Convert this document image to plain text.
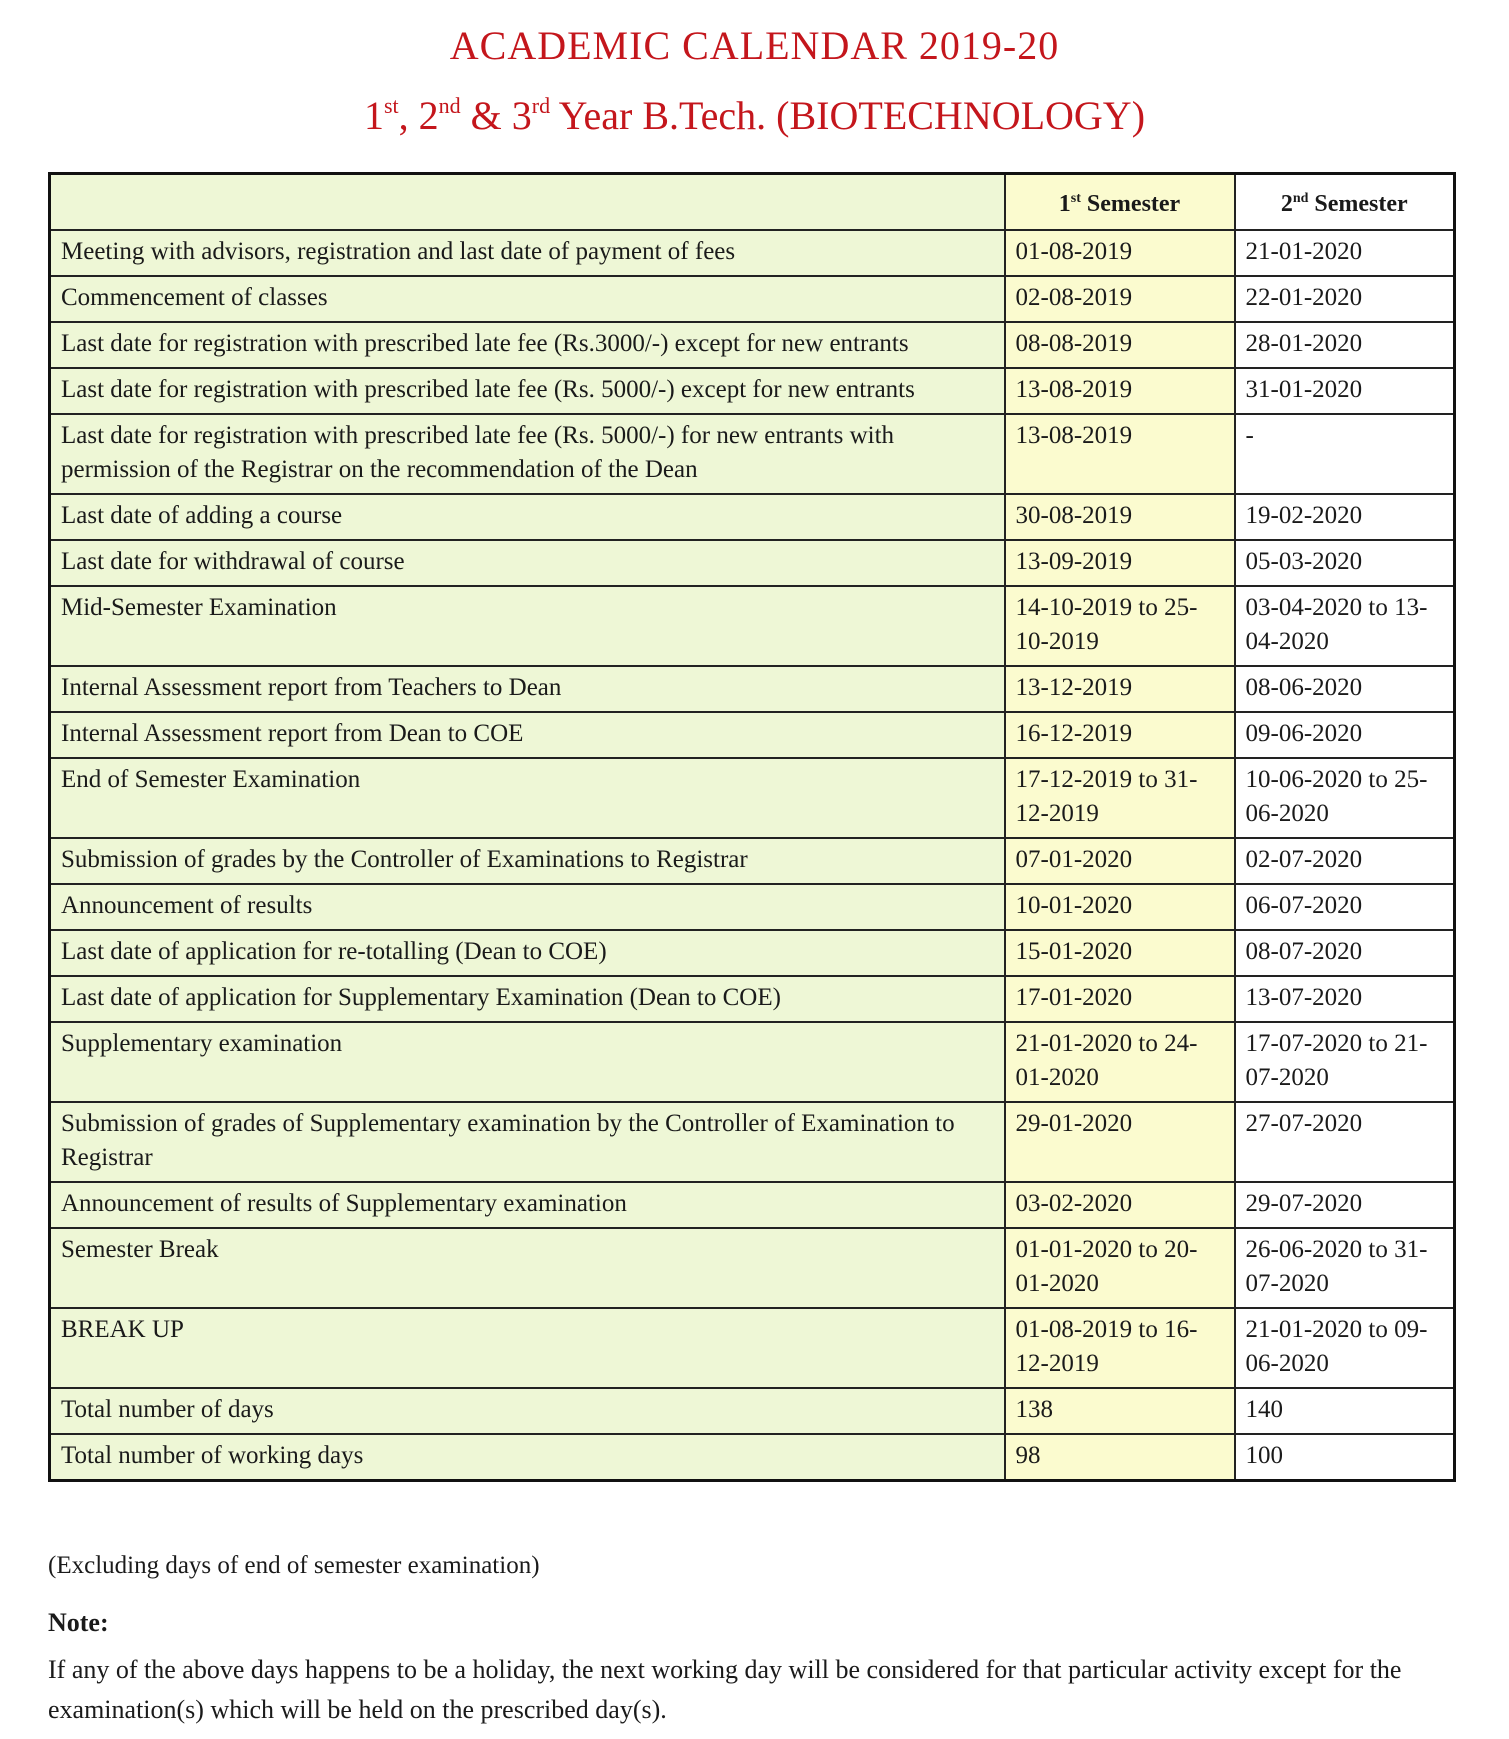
ACADEMIC CALENDAR 2019-20
1st, 2nd & 3rd Year B.Tech. (BIOTECHNOLOGY)
	1st Semester	2nd Semester
Meeting with advisors, registration and last date of payment of fees	01-08-2019	21-01-2020
Commencement of classes	02-08-2019	22-01-2020
Last date for registration with prescribed late fee (Rs.3000/-) except for new entrants	08-08-2019	28-01-2020
Last date for registration with prescribed late fee (Rs. 5000/-) except for new entrants	13-08-2019	31-01-2020
Last date for registration with prescribed late fee (Rs. 5000/-) for new entrants with permission of the Registrar on the recommendation of the Dean	13-08-2019	-
Last date of adding a course	30-08-2019	19-02-2020
Last date for withdrawal of course	13-09-2019	05-03-2020
Mid-Semester Examination	14-10-2019 to 25-10-2019	03-04-2020 to 13-04-2020
Internal Assessment report from Teachers to Dean	13-12-2019	08-06-2020
Internal Assessment report from Dean to COE	16-12-2019	09-06-2020
End of Semester Examination	17-12-2019 to 31-12-2019	10-06-2020 to 25-06-2020
Submission of grades by the Controller of Examinations to Registrar	07-01-2020	02-07-2020
Announcement of results	10-01-2020	06-07-2020
Last date of application for re-totalling (Dean to COE)	15-01-2020	08-07-2020
Last date of application for Supplementary Examination (Dean to COE)	17-01-2020	13-07-2020
Supplementary examination	21-01-2020 to 24-01-2020	17-07-2020 to 21-07-2020
Submission of grades of Supplementary examination by the Controller of Examination to Registrar	29-01-2020	27-07-2020
Announcement of results of Supplementary examination	03-02-2020	29-07-2020
Semester Break	01-01-2020 to 20-01-2020	26-06-2020 to 31-07-2020
BREAK UP	01-08-2019 to 16-12-2019	21-01-2020 to 09-06-2020
Total number of days	138	140
Total number of working days	98	100
(Excluding days of end of semester examination)
Note:
If any of the above days happens to be a holiday, the next working day will be considered for that particular activity except for the examination(s) which will be held on the prescribed day(s).
